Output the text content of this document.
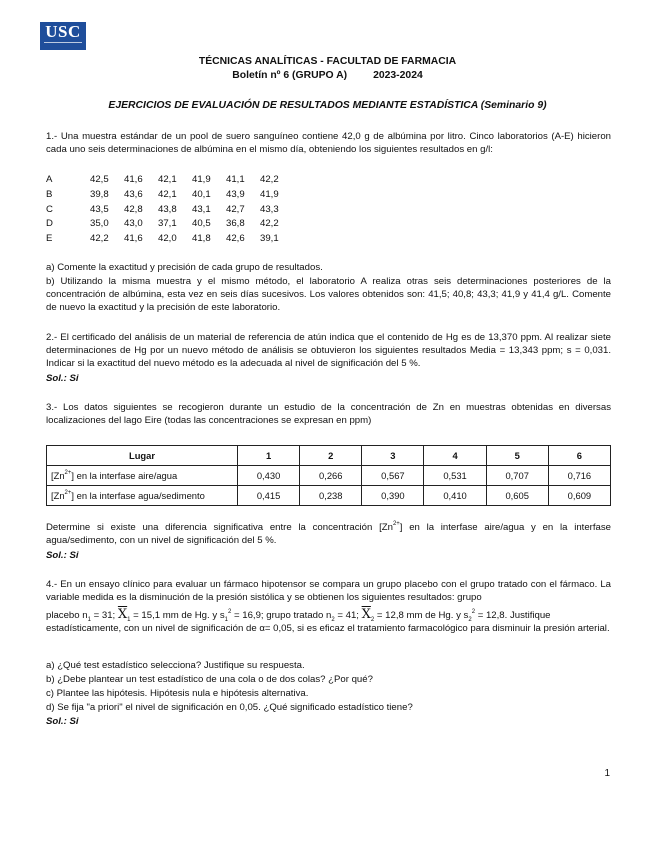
USC
TÉCNICAS ANALÍTICAS - FACULTAD DE FARMACIA
Boletín nº 6 (GRUPO A)	2023-2024
EJERCICIOS DE EVALUACIÓN DE RESULTADOS MEDIANTE ESTADÍSTICA (Seminario 9)
1.- Una muestra estándar de un pool de suero sanguíneo contiene 42,0 g de albúmina por litro. Cinco laboratorios (A-E) hicieron cada uno seis determinaciones de albúmina en el mismo día, obteniendo los siguientes resultados en g/l:
A	42,5 41,6 42,1 41,9 41,1 42,2
B	39,8 43,6 42,1 40,1 43,9 41,9
C	43,5 42,8 43,8 43,1 42,7 43,3
D	35,0 43,0 37,1 40,5 36,8 42,2
E	42,2 41,6 42,0 41,8 42,6 39,1
a) Comente la exactitud y precisión de cada grupo de resultados.
b) Utilizando la misma muestra y el mismo método, el laboratorio A realiza otras seis determinaciones posteriores de la concentración de albúmina, esta vez en seis días sucesivos. Los valores obtenidos son: 41,5; 40,8; 43,3; 41,9 y 41,4 g/L. Comente de nuevo la exactitud y la precisión de este laboratorio.
2.- El certificado del análisis de un material de referencia de atún indica que el contenido de Hg es de 13,370 ppm. Al realizar siete determinaciones de Hg por un nuevo método de análisis se obtuvieron los siguientes resultados Media = 13,343 ppm; s = 0,031. Indicar si la exactitud del nuevo método es la adecuada al nivel de significación del 5 %.
Sol.: Si
3.- Los datos siguientes se recogieron durante un estudio de la concentración de Zn en muestras obtenidas en diversas localizaciones del lago Eire (todas las concentraciones se expresan en ppm)
Lugar	1	2	3	4	5	6
$[Zn^{2+}]$ en la interfase aire/agua	0,430	0,266	0,567	0,531	0,707	0,716
$[Zn^{2+}]$ en la interfase agua/sedimento	0,415	0,238	0,390	0,410	0,605	0,609
Determine si existe una diferencia significativa entre la concentración $[Zn^{2+}]$ en la interfase aire/agua y en la interfase agua/sedimento, con un nivel de significación del 5 %.
Sol.: Si
4.- En un ensayo clínico para evaluar un fármaco hipotensor se compara un grupo placebo con el grupo tratado con el fármaco. La variable medida es la disminución de la presión sistólica y se obtienen los siguientes resultados: grupo
placebo $n_1 = 31$; $\overline{X}_1 = 15,1$ mm de Hg. y $s_1^2 = 16,9$; grupo tratado $n_2 = 41$; $\overline{X}_2 = 12,8$ mm de Hg. y $s_2^2 = 12,8$. Justifique
estadísticamente, con un nivel de significación de α= 0,05, si es eficaz el tratamiento farmacológico para disminuir la presión arterial.
a) ¿Qué test estadístico selecciona? Justifique su respuesta.
b) ¿Debe plantear un test estadístico de una cola o de dos colas? ¿Por qué?
c) Plantee las hipótesis. Hipótesis nula e hipótesis alternativa.
d) Se fija "a priori" el nivel de significación en 0,05. ¿Qué significado estadístico tiene?
Sol.: Si
1
